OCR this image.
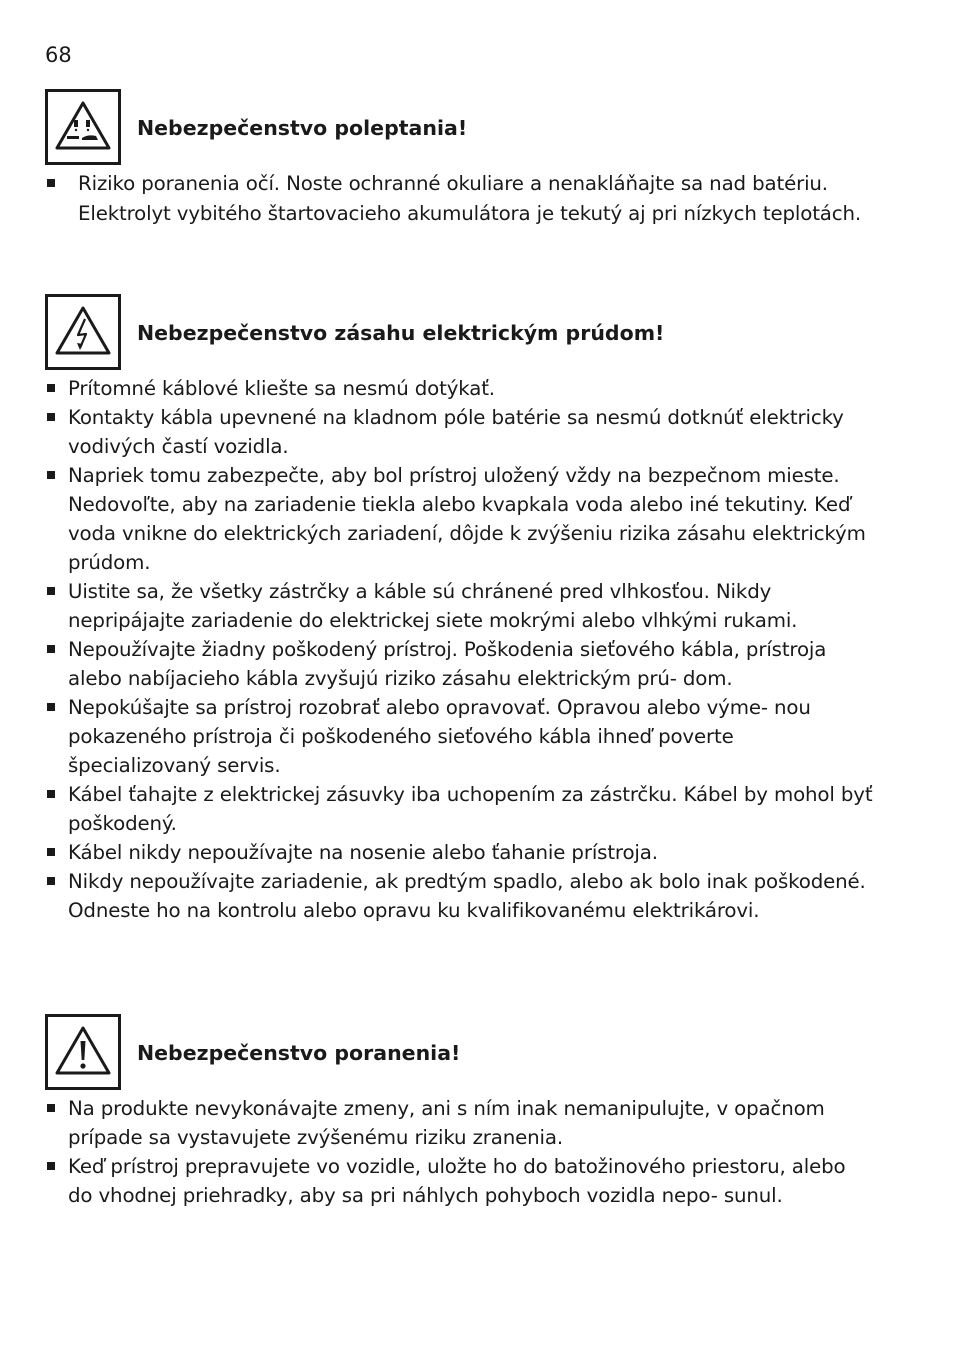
68
Nebezpečenstvo poleptania!
Riziko poranenia očí. Noste ochranné okuliare a nenakláňajte sa nad batériu. Elektrolyt vybitého štartovacieho akumulátora je tekutý aj pri nízkych teplotách.
Nebezpečenstvo zásahu elektrickým prúdom!
Prítomné káblové kliešte sa nesmú dotýkať.
Kontakty kábla upevnené na kladnom póle batérie sa nesmú dotknúť elektricky vodivých častí vozidla.
Napriek tomu zabezpečte, aby bol prístroj uložený vždy na bezpečnom mieste. Nedovoľte, aby na zariadenie tiekla alebo kvapkala voda alebo iné tekutiny. Keď voda vnikne do elektrických zariadení, dôjde k zvýšeniu rizika zásahu elektrickým prúdom.
Uistite sa, že všetky zástrčky a káble sú chránené pred vlhkosťou. Nikdy nepripájajte zariadenie do elektrickej siete mokrými alebo vlhkými rukami.
Nepoužívajte žiadny poškodený prístroj. Poškodenia sieťového kábla, prístroja alebo nabíjacieho kábla zvyšujú riziko zásahu elektrickým prú- dom.
Nepokúšajte sa prístroj rozobrať alebo opravovať. Opravou alebo výme- nou pokazeného prístroja či poškodeného sieťového kábla ihneď poverte špecializovaný servis.
Kábel ťahajte z elektrickej zásuvky iba uchopením za zástrčku. Kábel by mohol byť poškodený.
Kábel nikdy nepoužívajte na nosenie alebo ťahanie prístroja.
Nikdy nepoužívajte zariadenie, ak predtým spadlo, alebo ak bolo inak poškodené. Odneste ho na kontrolu alebo opravu ku kvalifikovanému elektrikárovi.
Nebezpečenstvo poranenia!
Na produkte nevykonávajte zmeny, ani s ním inak nemanipulujte, v opačnom prípade sa vystavujete zvýšenému riziku zranenia.
Keď prístroj prepravujete vo vozidle, uložte ho do batožinového priestoru, alebo do vhodnej priehradky, aby sa pri náhlych pohyboch vozidla nepo- sunul.
